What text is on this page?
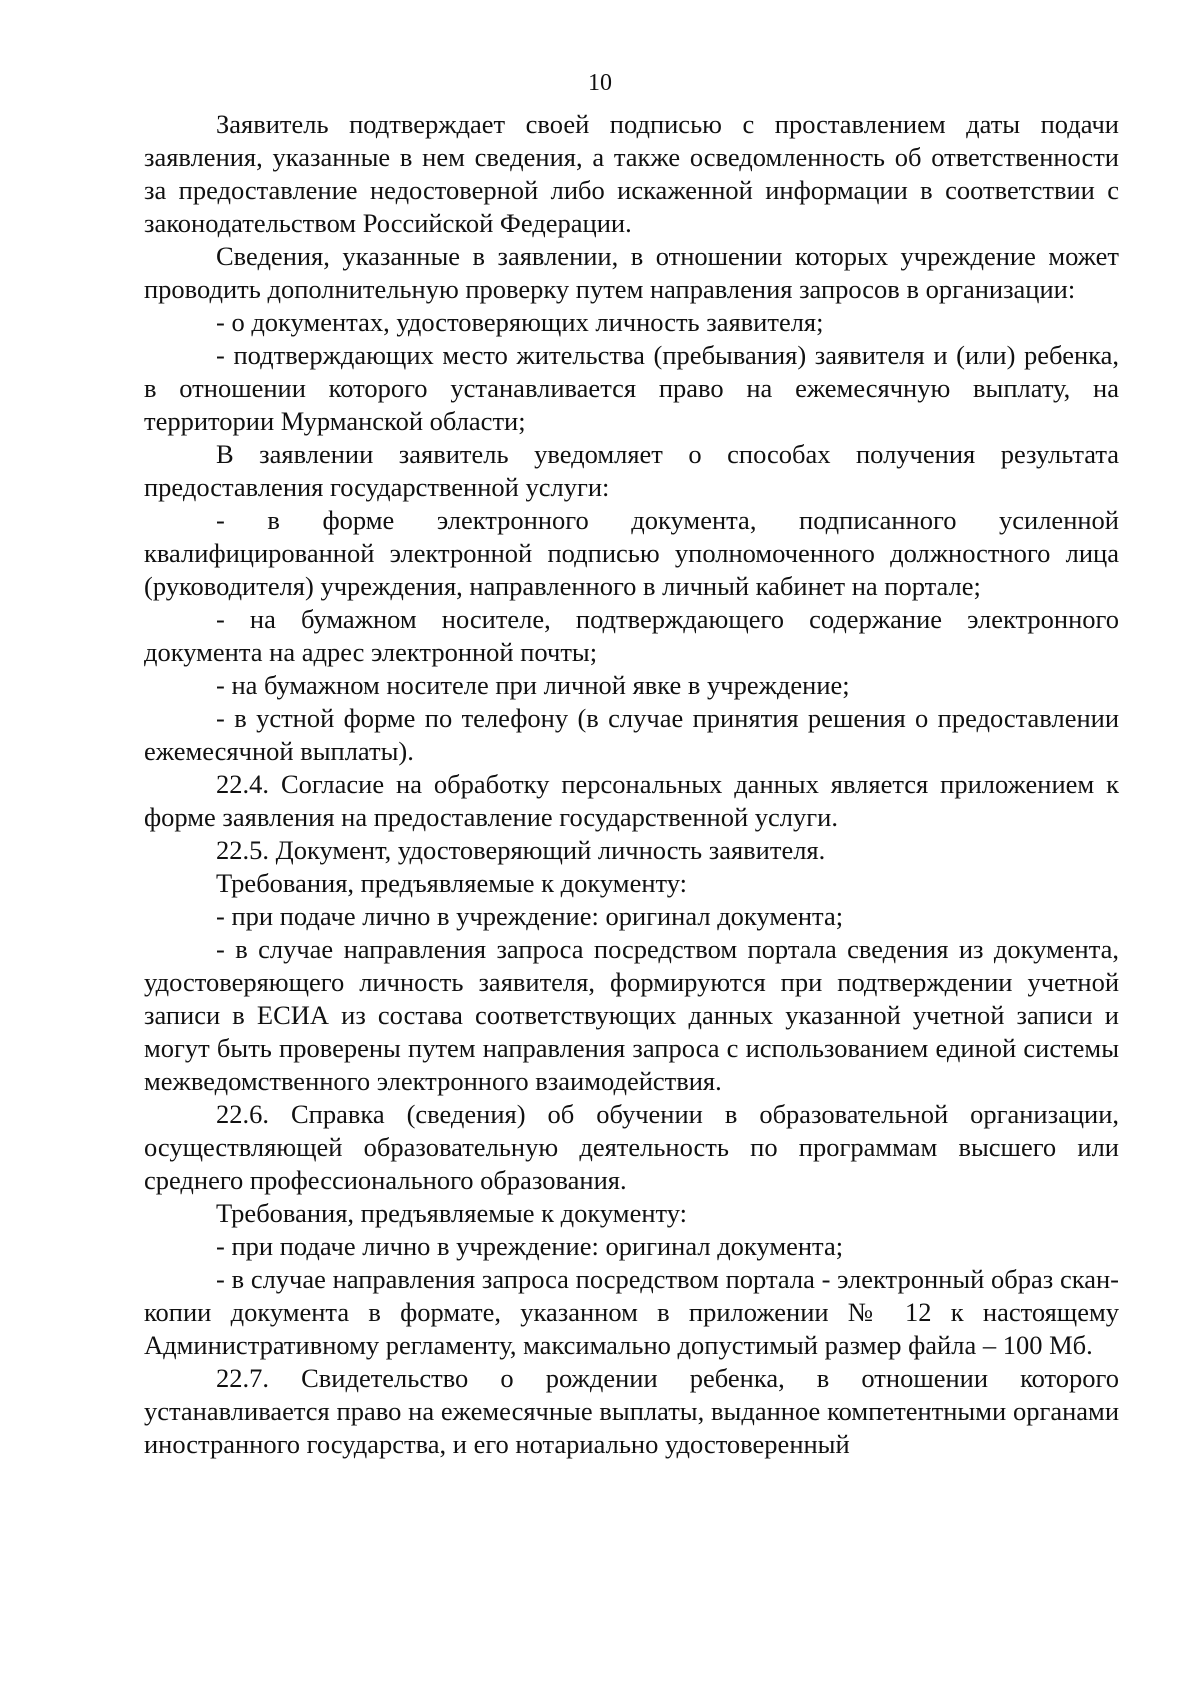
10

Заявитель подтверждает своей подписью с проставлением даты подачи заявления, указанные в нем сведения, а также осведомленность об ответственности за предоставление недостоверной либо искаженной информации в соответствии с законодательством Российской Федерации.

Сведения, указанные в заявлении, в отношении которых учреждение может проводить дополнительную проверку путем направления запросов в организации:

- о документах, удостоверяющих личность заявителя;

- подтверждающих место жительства (пребывания) заявителя и (или) ребенка, в отношении которого устанавливается право на ежемесячную выплату, на территории Мурманской области;

В заявлении заявитель уведомляет о способах получения результата предоставления государственной услуги:

- в форме электронного документа, подписанного усиленной квалифицированной электронной подписью уполномоченного должностного лица (руководителя) учреждения, направленного в личный кабинет на портале;

- на бумажном носителе, подтверждающего содержание электронного документа на адрес электронной почты;

- на бумажном носителе при личной явке в учреждение;

- в устной форме по телефону (в случае принятия решения о предоставлении ежемесячной выплаты).

22.4. Согласие на обработку персональных данных является приложением к форме заявления на предоставление государственной услуги.

22.5. Документ, удостоверяющий личность заявителя.

Требования, предъявляемые к документу:

- при подаче лично в учреждение: оригинал документа;

- в случае направления запроса посредством портала сведения из документа, удостоверяющего личность заявителя, формируются при подтверждении учетной записи в ЕСИА из состава соответствующих данных указанной учетной записи и могут быть проверены путем направления запроса с использованием единой системы межведомственного электронного взаимодействия.

22.6. Справка (сведения) об обучении в образовательной организации, осуществляющей образовательную деятельность по программам высшего или среднего профессионального образования.

Требования, предъявляемые к документу:

- при подаче лично в учреждение: оригинал документа;

- в случае направления запроса посредством портала - электронный образ скан-копии документа в формате, указанном в приложении № 12 к настоящему Административному регламенту, максимально допустимый размер файла – 100 Мб.

22.7. Свидетельство о рождении ребенка, в отношении которого устанавливается право на ежемесячные выплаты, выданное компетентными органами иностранного государства, и его нотариально удостоверенный
